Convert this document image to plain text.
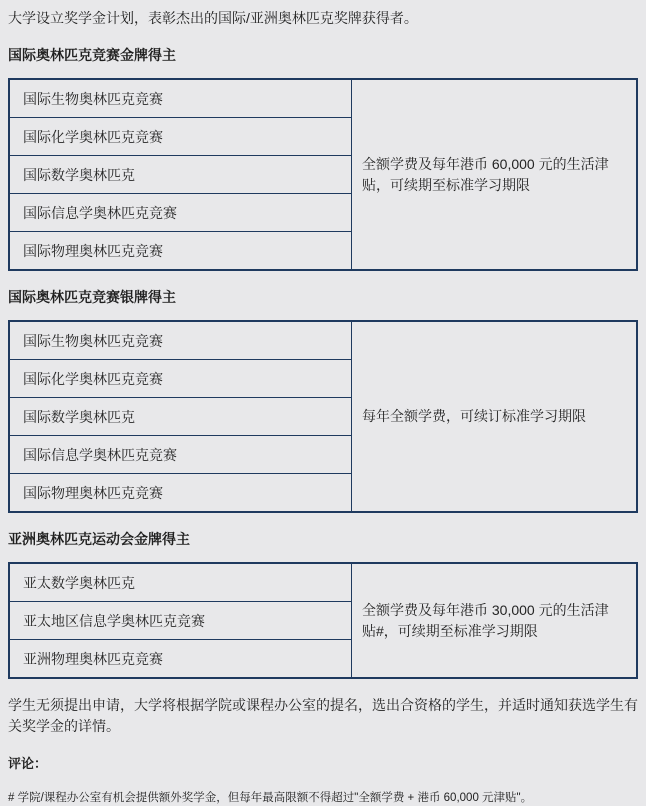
大学设立奖学金计划，表彰杰出的国际/亚洲奥林匹克奖牌获得者。

国际奥林匹克竞赛金牌得主

国际生物奥林匹克竞赛	全额学费及每年港币 60,000 元的生活津贴，可续期至标准学习期限
国际化学奥林匹克竞赛
国际数学奥林匹克
国际信息学奥林匹克竞赛
国际物理奥林匹克竞赛

国际奥林匹克竞赛银牌得主

国际生物奥林匹克竞赛	每年全额学费，可续订标准学习期限
国际化学奥林匹克竞赛
国际数学奥林匹克
国际信息学奥林匹克竞赛
国际物理奥林匹克竞赛

亚洲奥林匹克运动会金牌得主

亚太数学奥林匹克	全额学费及每年港币 30,000 元的生活津贴#，可续期至标准学习期限
亚太地区信息学奥林匹克竞赛
亚洲物理奥林匹克竞赛

学生无须提出申请，大学将根据学院或课程办公室的提名，选出合资格的学生，并适时通知获选学生有关奖学金的详情。

评论：

# 学院/课程办公室有机会提供额外奖学金，但每年最高限额不得超过"全额学费 + 港币 60,000 元津贴"。
